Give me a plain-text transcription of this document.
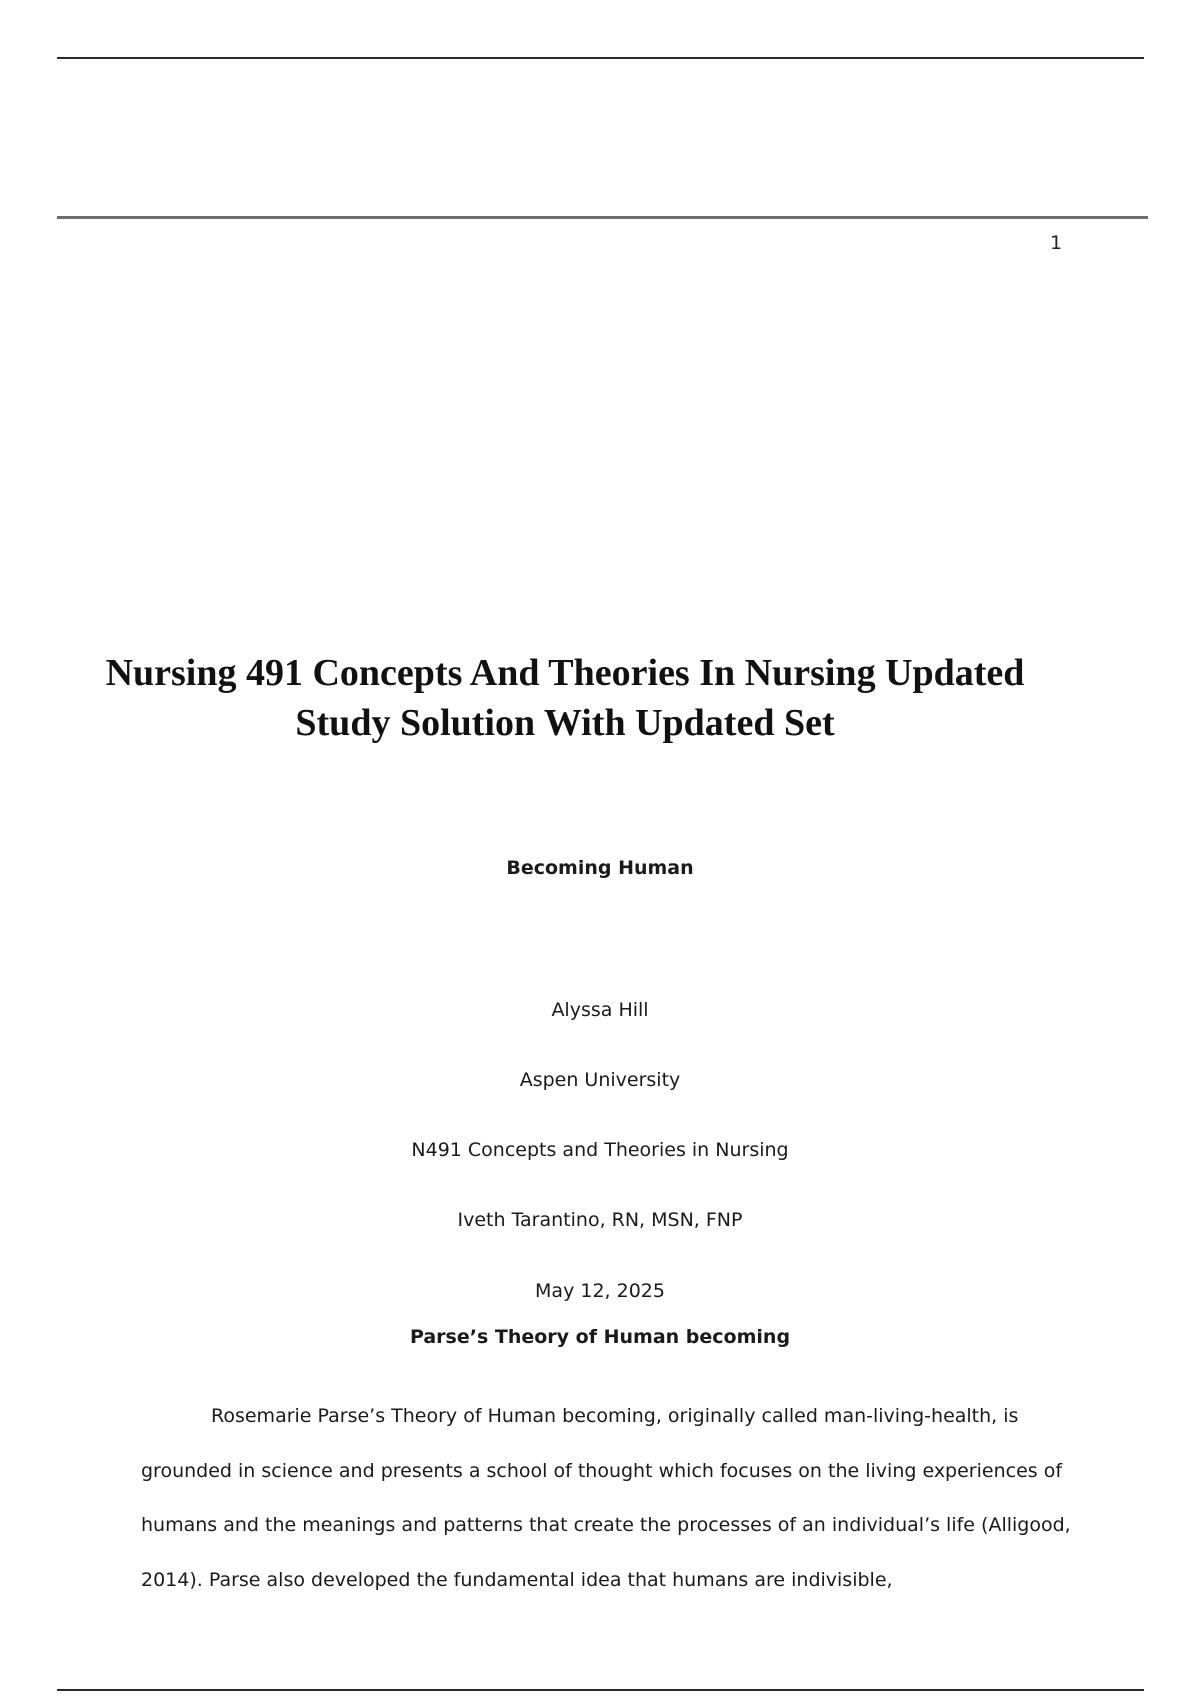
1
Nursing 491 Concepts And Theories In Nursing Updated Study Solution With Updated Set
Becoming Human
Alyssa Hill
Aspen University
N491 Concepts and Theories in Nursing
Iveth Tarantino, RN, MSN, FNP
May 12, 2025
Parse’s Theory of Human becoming
Rosemarie Parse’s Theory of Human becoming, originally called man-living-health, is grounded in science and presents a school of thought which focuses on the living experiences of humans and the meanings and patterns that create the processes of an individual’s life (Alligood, 2014). Parse also developed the fundamental idea that humans are indivisible,
